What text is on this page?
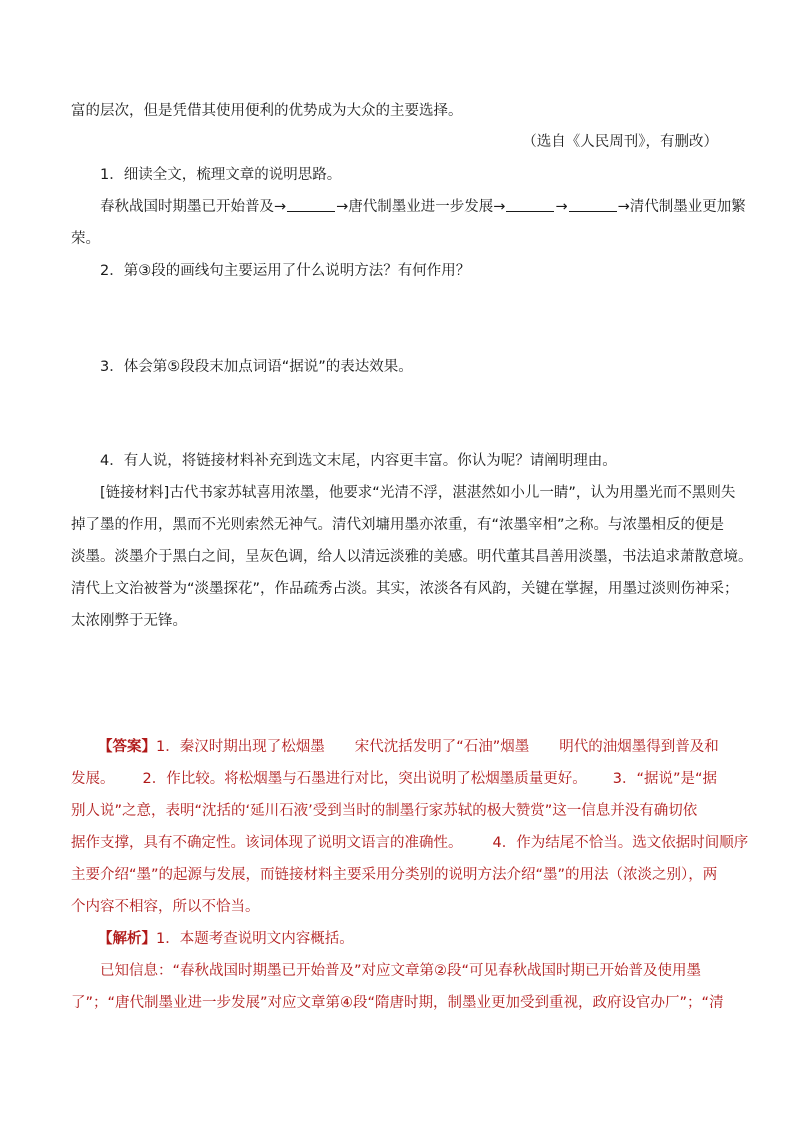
富的层次，但是凭借其使用便利的优势成为大众的主要选择。
（选自《人民周刊》，有删改）
1．细读全文，梳理文章的说明思路。
春秋战国时期墨已开始普及→	→唐代制墨业进一步发展→	→	→清代制墨业更加繁
荣。
2．第③段的画线句主要运用了什么说明方法？有何作用？
3．体会第⑤段段末加点词语“据说”的表达效果。
4．有人说，将链接材料补充到选文末尾，内容更丰富。你认为呢？请阐明理由。
[链接材料]古代书家苏轼喜用浓墨，他要求“光清不浮，湛湛然如小儿一睛”，认为用墨光而不黑则失
掉了墨的作用，黑而不光则索然无神气。清代刘墉用墨亦浓重，有“浓墨宰相”之称。与浓墨相反的便是
淡墨。淡墨介于黑白之间，呈灰色调，给人以清远淡雅的美感。明代董其昌善用淡墨，书法追求萧散意境。
清代上文治被誉为“淡墨探花”，作品疏秀占淡。其实，浓淡各有风韵，关键在掌握，用墨过淡则伤神采；
太浓刚弊于无锋。
【答案】1．秦汉时期出现了松烟墨 宋代沈括发明了“石油”烟墨 明代的油烟墨得到普及和
发展。 2．作比较。将松烟墨与石墨进行对比，突出说明了松烟墨质量更好。 3．“据说”是“据
别人说”之意，表明“沈括的‘延川石液’受到当时的制墨行家苏轼的极大赞赏”这一信息并没有确切依
据作支撑，具有不确定性。该词体现了说明文语言的准确性。 4．作为结尾不恰当。选文依据时间顺序
主要介绍“墨”的起源与发展，而链接材料主要采用分类别的说明方法介绍“墨”的用法（浓淡之别），两
个内容不相容，所以不恰当。
【解析】1．本题考查说明文内容概括。
已知信息：“春秋战国时期墨已开始普及”对应文章第②段“可见春秋战国时期已开始普及使用墨
了”；“唐代制墨业进一步发展”对应文章第④段“隋唐时期，制墨业更加受到重视，政府设官办厂”；“清
